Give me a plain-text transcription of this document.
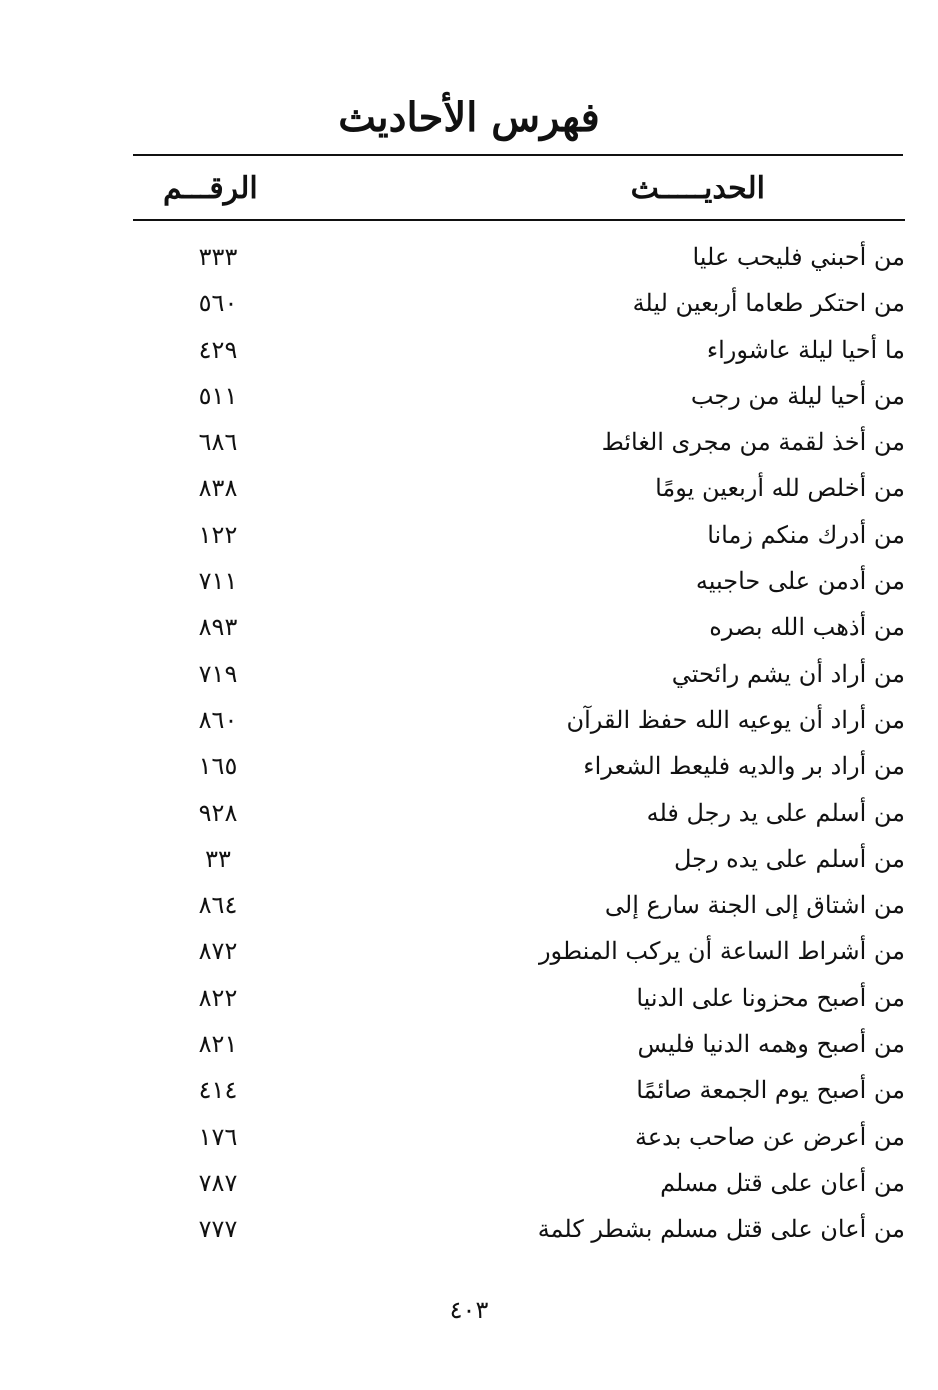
فهرس الأحاديث
الحديـــــث
الرقـــم
من أحبني فليحب عليا
٣٣٣
من احتكر طعاما أربعين ليلة
٥٦٠
ما أحيا ليلة عاشوراء
٤٢٩
من أحيا ليلة من رجب
٥١١
من أخذ لقمة من مجرى الغائط
٦٨٦
من أخلص لله أربعين يومًا
٨٣٨
من أدرك منكم زمانا
١٢٢
من أدمن على حاجبيه
٧١١
من أذهب الله بصره
٨٩٣
من أراد أن يشم رائحتي
٧١٩
من أراد أن يوعيه الله حفظ القرآن
٨٦٠
من أراد بر والديه فليعط الشعراء
١٦٥
من أسلم على يد رجل فله
٩٢٨
من أسلم على يده رجل
٣٣
من اشتاق إلى الجنة سارع إلى
٨٦٤
من أشراط الساعة أن يركب المنطور
٨٧٢
من أصبح محزونا على الدنيا
٨٢٢
من أصبح وهمه الدنيا فليس
٨٢١
من أصبح يوم الجمعة صائمًا
٤١٤
من أعرض عن صاحب بدعة
١٧٦
من أعان على قتل مسلم
٧٨٧
من أعان على قتل مسلم بشطر كلمة
٧٧٧
٤٠٣
